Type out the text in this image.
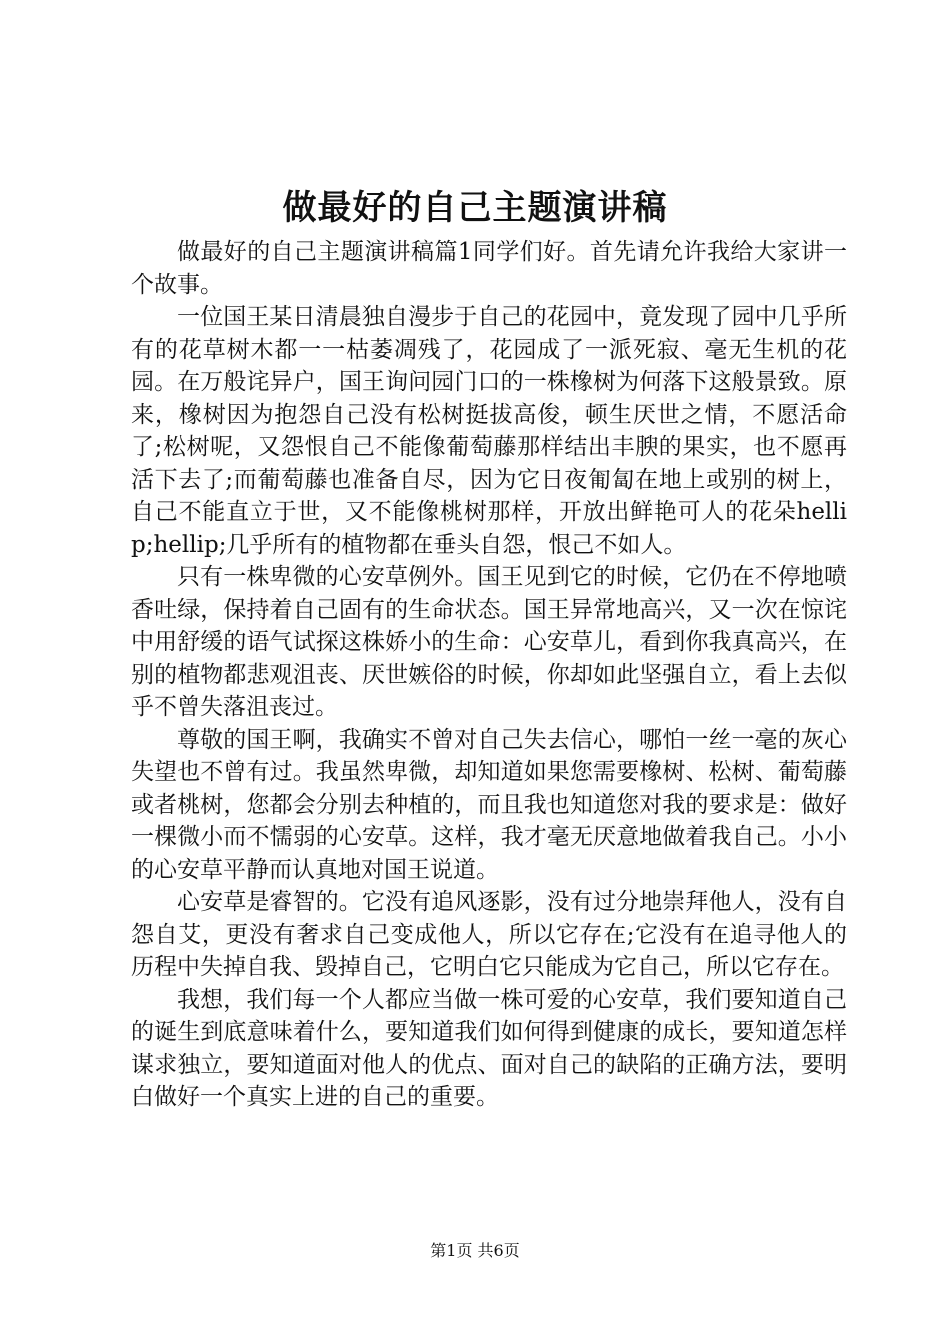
做最好的自己主题演讲稿

做最好的自己主题演讲稿篇1同学们好。首先请允许我给大家讲一个故事。

一位国王某日清晨独自漫步于自己的花园中，竟发现了园中几乎所有的花草树木都一一枯萎凋残了，花园成了一派死寂、毫无生机的花园。在万般诧异户，国王询问园门口的一株橡树为何落下这般景致。原来，橡树因为抱怨自己没有松树挺拔高俊，顿生厌世之情，不愿活命了;松树呢，又怨恨自己不能像葡萄藤那样结出丰腴的果实，也不愿再活下去了;而葡萄藤也准备自尽，因为它日夜匍匐在地上或别的树上，自己不能直立于世，又不能像桃树那样，开放出鲜艳可人的花朵hellip;hellip;几乎所有的植物都在垂头自怨，恨己不如人。

只有一株卑微的心安草例外。国王见到它的时候，它仍在不停地喷香吐绿，保持着自己固有的生命状态。国王异常地高兴，又一次在惊诧中用舒缓的语气试探这株娇小的生命：心安草儿，看到你我真高兴，在别的植物都悲观沮丧、厌世嫉俗的时候，你却如此坚强自立，看上去似乎不曾失落沮丧过。

尊敬的国王啊，我确实不曾对自己失去信心，哪怕一丝一毫的灰心失望也不曾有过。我虽然卑微，却知道如果您需要橡树、松树、葡萄藤或者桃树，您都会分别去种植的，而且我也知道您对我的要求是：做好一棵微小而不懦弱的心安草。这样，我才毫无厌意地做着我自己。小小的心安草平静而认真地对国王说道。

心安草是睿智的。它没有追风逐影，没有过分地崇拜他人，没有自怨自艾，更没有奢求自己变成他人，所以它存在;它没有在追寻他人的历程中失掉自我、毁掉自己，它明白它只能成为它自己，所以它存在。

我想，我们每一个人都应当做一株可爱的心安草，我们要知道自己的诞生到底意味着什么，要知道我们如何得到健康的成长，要知道怎样谋求独立，要知道面对他人的优点、面对自己的缺陷的正确方法，要明白做好一个真实上进的自己的重要。

第1页 共6页
